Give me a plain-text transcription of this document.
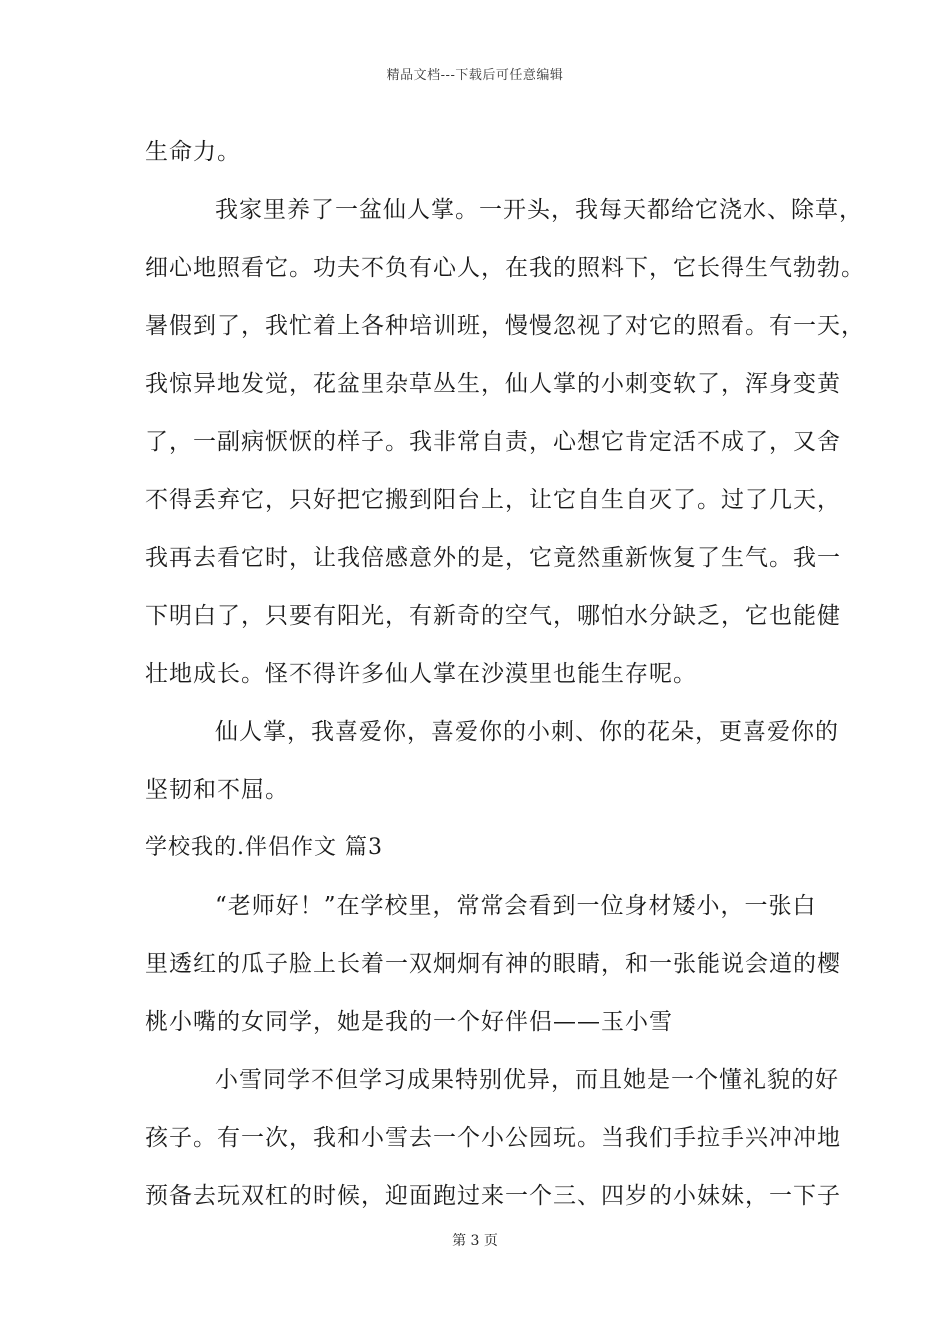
精品文档---下载后可任意编辑
生命力。
我家里养了一盆仙人掌。一开头，我每天都给它浇水、除草，
细心地照看它。功夫不负有心人，在我的照料下，它长得生气勃勃。
暑假到了，我忙着上各种培训班，慢慢忽视了对它的照看。有一天，
我惊异地发觉，花盆里杂草丛生，仙人掌的小刺变软了，浑身变黄
了，一副病恹恹的样子。我非常自责，心想它肯定活不成了，又舍
不得丢弃它，只好把它搬到阳台上，让它自生自灭了。过了几天，
我再去看它时，让我倍感意外的是，它竟然重新恢复了生气。我一
下明白了，只要有阳光，有新奇的空气，哪怕水分缺乏，它也能健
壮地成长。怪不得许多仙人掌在沙漠里也能生存呢。
仙人掌，我喜爱你，喜爱你的小刺、你的花朵，更喜爱你的
坚韧和不屈。
学校我的.伴侣作文 篇3
“老师好！”在学校里，常常会看到一位身材矮小，一张白
里透红的瓜子脸上长着一双炯炯有神的眼睛，和一张能说会道的樱
桃小嘴的女同学，她是我的一个好伴侣——玉小雪
小雪同学不但学习成果特别优异，而且她是一个懂礼貌的好
孩子。有一次，我和小雪去一个小公园玩。当我们手拉手兴冲冲地
预备去玩双杠的时候，迎面跑过来一个三、四岁的小妹妹，一下子
第 3 页
